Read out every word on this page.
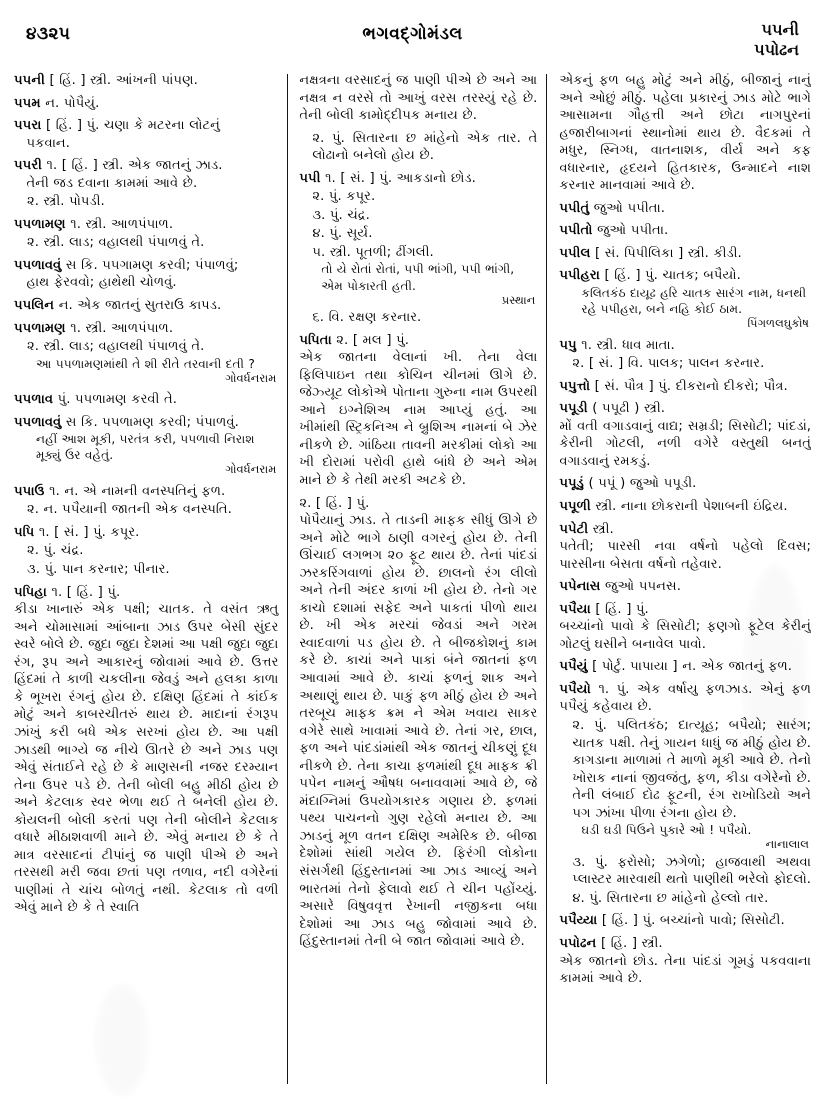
૪૩૨૫	ભગવદ્ગોમંડલ	૫૫ની
૫૫ોઢન
૫૫ની [ હિં. ] સ્ત્રી. આંખની ૫ાં૫ણ.
૫૫મ ન. પોપૈયું.
૫૫રા [ હિં. ] પું. ચણા કે મટરના લોટનું
૫કવાન.
૫૫રી ૧. [ હિં. ] સ્ત્રી. એક જાતનું ઝાડ.
તેની જડ દવાના કામમાં આવે છે.
૨. સ્ત્રી. પોપડી.
૫૫ળામણ ૧. સ્ત્રી. આળપં૫ાળ.
૨. સ્ત્રી. લાડ; વહાલથી ૫ંપાળવું તે.
૫૫ળાવવું સ કિ. ૫૫ગામણ કરવી; ૫ંપાળવું;
હાથ ફેરવવો; હાથેથી ચોળવું.
૫૫લિન ન. એક જાતનું સુતરાઉ કાપડ.
૫૫ળામણ ૧. સ્ત્રી. આળપં૫ાળ.
૨. સ્ત્રી. લાડ; વહાલથી ૫ંપાળવું તે.
આ ૫૫ળામણમાંથી તે શી રીતે તરવાની દતી ?
ગોવર્ધનરામ
૫૫ળાવ પું. ૫૫ળામણ કરવી તે.
૫૫ળાવવું સ કિ. ૫૫ળામણ કરવી; ૫ંપાળવું.
નહીં આશ મૂકી, ૫રતંત્ર કરી, ૫૫ળાવી નિરાશ મૂક્યું ઉર વહેતું.
ગોવર્ધનરામ
૫૫ાઉ ૧. ન. એ નામની વનસ્પતિનું ફળ.
૨. ન. ૫૫ૈયાની જાતની એક વનસ્પતિ.
૫૫િ ૧. [ સં. ] પું. કપૂર.
૨. પું. ચંદ્ર.
૩. પું. પાન કરનાર; પીનાર.
૫૫િહા ૧. [ હિં. ] પું.
કીડા ખાનારું એક ૫ક્ષી; ચાતક. તે વસંત ઋતુ અને ચોમાસામાં આંબાના ઝાડ ઉ૫ર બેસી સુંદર સ્વરે બોલે છે. જુદા જુદા દેશમાં આ ૫ક્ષી જુદા જુદા રંગ, રૂ૫ અને આકારનું જોવામાં આવે છે. ઉત્તર હિંદમાં તે કાળી ચકલીના જેવડું અને હલકા કાળા કે ભૂખરા રંગનું હોય છે. દક્ષિણ હિંદમાં તે કાંઈક મોટું અને કાબરચીતરું થાય છે. માદાનાં રંગરૂ૫ ઝાંખું કરી બધે એક સરખાં હોય છે. આ ૫ક્ષી ઝાડથી ભાગ્યે જ નીચે ઊતરે છે અને ઝાડ ૫ણ એવું સંતાઈને રહે છે કે માણસની નજર દરમ્યાન તેના ઉ૫ર ૫ડે છે. તેની બોલી બહુ મીઠી હોય છે અને કેટલાક સ્વર ભેળા થઈ તે બનેલી હોય છે. કોયલની બોલી કરતાં ૫ણ તેની બોલીને કેટલાક વધારે મીઠાશવાળી માને છે. એવું મનાય છે કે તે માત્ર વરસાદનાં ટીપાંનું જ પાણી પીએ છે અને તરસથી મરી જવા છતાં ૫ણ તળાવ, નદી વગેરેનાં પાણીમાં તે ચાંચ બોળતું નથી. કેટલાક તો વળી એવું માને છે કે તે સ્વાતિ
નક્ષત્રના વરસાદનું જ પાણી પીએ છે અને આ નક્ષત્ર ન વરસે તો આખું વરસ તરસ્યું રહે છે. તેની બોલી કામોદ્દી૫ક મનાય છે.
૨. પું. સિતારના છ માંહેનો એક તાર. તે લોઢાનો બનેલો હોય છે.
૫૫ી ૧. [ સં. ] પું. આકડાનો છોડ.
૨. પું. કપૂર.
૩. પું. ચંદ્ર.
૪. પું. સૂર્ય.
૫. સ્ત્રી. પૂતળી; ઢીંગલી.
તો યે રોતાં રોતાં, ૫૫ી ભાંગી, ૫૫ી ભાંગી, એમ પોકારતી હતી.
પ્રસ્થાન
૬. વિ. રક્ષણ કરનાર.
૫૫િતા ૨. [ મલ ] પું.
એક જાતના વેલાનાં ખી. તેના વેલા ફિલિ૫ાઇન તથા કોચિન ચીનમાં ઊગે છે. જેઝ્યૂટ લોકોએ પોતાના ગુરુના નામ ઉ૫રથી આને ઇગ્નેશિઅ નામ આપ્યું હતું. આ ખીમાંથી સ્ટ્રિકનિઅ ને બ્રુશિઅ નામનાં બે ઝેર નીકળે છે. ગાંઠિયા તાવની મરકીમાં લોકો આ ખી દોરામાં ૫રોવી હાથે બાંધે છે અને એમ માને છે કે તેથી મરકી અટકે છે.
૨. [ હિં. ] પું.
પોપૈયાનું ઝાડ. તે તાડની માફક સીધું ઊગે છે અને મોટે ભાગે ઠાણી વગરનું હોય છે. તેની ઊંચાઈ લગભગ ૨૦ ફૂટ થાય છે. તેનાં પાંદડાં ઝરકરિંગવાળાં હોય છે. છાલનો રંગ લીલો અને તેની અંદર કાળાં ખી હોય છે. તેનો ગર કાચો દશામાં સફેદ અને પાકતાં પીળો થાય છે. ખી એક મરચાં જેવડાં અને ગરમ સ્વાદવાળાં ૫ડ હોય છે. તે બીજકોશનું કામ કરે છે. કાચાં અને પાકાં બંને જાતનાં ફળ આવામાં આવે છે. કાચાં ફળનું શાક અને અથાણું થાય છે. પાકું ફળ મીઠું હોય છે અને તરબૂચ માફક ક્રમ ને એમ ખવાય સાકર વગેરે સાથે ખાવામાં આવે છે. તેનાં ગર, છાલ, ફળ અને પાંદડાંમાંથી એક જાતનું ચીકણું દૂધ નીકળે છે. તેના કાચા ફળમાંથી દૂધ માફક ક્રી ૫૫ેન નામનું ઔષધ બનાવવામાં આવે છે, જે મંદાગ્નિમાં ઉ૫યોગકારક ગણાય છે. ફળમાં ૫થ્ય પાચનનો ગુણ રહેલો મનાય છે. આ ઝાડનું મૂળ વતન દક્ષિણ અમેરિક છે. બીજા દેશોમાં સાંથી ગયેલ છે. ફિરંગી લોકોના સંસર્ગથી હિંદુસ્તાનમાં આ ઝાડ આવ્યું અને ભારતમાં તેનો ફેલાવો થઈ તે ચીન ૫હોંચ્યું. અસારે વિષુવવૃત્ત રેખાની નજીકના બધા દેશોમાં આ ઝાડ બહુ જોવામાં આવે છે. હિંદુસ્તાનમાં તેની બે જાત જોવામાં આવે છે.
એકનું ફળ બહુ મોટું અને મીઠું, બીજાનું નાનું અને ઓછું મીઠું. ૫હેલા પ્રકારનું ઝાડ મોટે ભાગે આસામના ગૌહત્તી અને છોટા નાગપુરનાં હજારીબાગનાં સ્થાનોમાં થાય છે. વૈદકમાં તે મધુર, સ્નિગ્ધ, વાતનાશક, વીર્ય અને કફ વધારનાર, હૃદયને હિતકારક, ઉન્માદને નાશ કરનાર માનવામાં આવે છે.
૫૫ીતું જુઓ ૫૫ીતા.
૫૫ીતો જુઓ ૫૫ીતા.
૫૫ીલ [ સં. પિપીલિકા ] સ્ત્રી. કીડી.
૫૫ીહરા [ હિં. ] પું. ચાતક; બપૈયો.
કલિતકંઠ દાયૂઢ હરિ ચાતક સારંગ નામ, ધનથી રહે ૫૫ીહરા, બને નહિ કોઈ ઠામ.
પિંગળલઘુકોષ
૫૫ુ ૧. સ્ત્રી. ધાવ માતા.
૨. [ સં. ] વિ. પાલક; પાલન કરનાર.
૫૫ુત્તો [ સં. પૌત્ર ] પું. દીકરાનો દીકરો; પૌત્ર.
૫૫ૂડી ( ૫૫ૂઢી ) સ્ત્રી.
મોં વતી વગાડવાનું વાદ્ય; સમ્રડી; સિસોટી; પાંદડાં, કેરીની ગોટલી, નળી વગેરે વસ્તુથી બનતું વગાડવાનું રમકડું.
૫૫ૂડું ( ૫૫ૂં ) જુઓ ૫૫ૂડી.
૫૫ૂળી સ્ત્રી. નાના છોકરાની પેશાબની ઇંદ્રિય.
૫૫ેટી સ્ત્રી.
૫તેતી; પારસી નવા વર્ષનો ૫હેલો દિવસ; પારસીના બેસતા વર્ષનો તહેવાર.
૫૫ેનાસ જુઓ ૫૫નસ.
૫૫ૈયા [ હિં. ] પું.
બચ્ચાંનો પાવો કે સિસોટી; ફણગો ફૂટેલ કેરીનું ગોટલું ઘસીને બનાવેલ પાવો.
૫૫ૈયું [ પોર્ટુ. ૫ાપાયા ] ન. એક જાતનું ફળ.
૫૫ૈયો ૧. પું. એક વર્ષાયુ ફળઝાડ. એનું ફળ ૫૫ૈયું કહેવાય છે.
૨. પું. ૫લિતકંઠ; દાત્યૂહ; બપૈયો; સારંગ; ચાતક ૫ક્ષી. તેનું ગાયન ધાધું જ મીઠું હોય છે. કાગડાના માળામાં તે માળો મૂકી આવે છે. તેનો ખોરાક નાનાં જીવજંતુ, ફળ, કીડા વગેરેનો છે. તેની લંબાઈ દોઢ ફૂટની, રંગ રાખોડિયો અને ૫ગ ઝાંખા પીળા રંગના હોય છે.
ઘડી ઘડી પિઉને પુકારે ઓ ! ૫૫ૈયો.
નાનાલાલ
૩. પું. ફરોસો; ઝગેળો; હાજવાથી અથવા પ્લાસ્ટર મારવાથી થતો પાણીથી ભરેલો ફોદલો.
૪. પું. સિતારના છ માંહેનો હેલ્લો તાર.
૫૫ૈય્યા [ હિં. ] પું. બચ્ચાંનો પાવો; સિસોટી.
૫૫ોઢન [ હિં. ] સ્ત્રી.
એક જાતનો છોડ. તેના પાંદડાં ગૂમડું ૫કવવાના કામમાં આવે છે.
